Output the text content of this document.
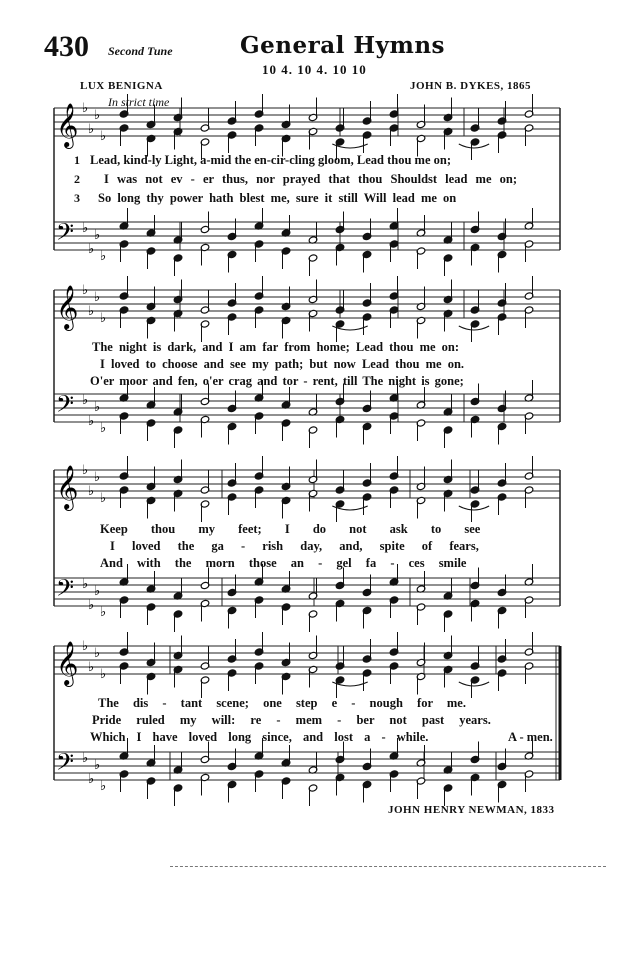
430 Second Tune	General Hymns
10 4. 10 4. 10 10
LUX BENIGNA	JOHN B. DYKES, 1865
In strict time
𝄞 ♭
♭
♭
♭
𝄢 ♭
♭
♭
♭
𝄞 ♭
♭
♭
♭
𝄢 ♭
♭
♭
♭
𝄞 ♭
♭
♭
♭
𝄢 ♭
♭
♭
♭
𝄞 ♭
♭
♭
♭
𝄢 ♭
♭
♭
♭
1
2
3
Lead, kind-ly Light, a-mid the en-cir-cling gloom, Lead thou me on;
I was not ev - er thus, nor prayed that thou Shouldst lead me on;
So long thy power hath blest me, sure it still Will lead me on
The night is dark, and I am far from home; Lead thou me on:
I loved to choose and see my path; but now Lead thou me on.
O'er moor and fen, o'er crag and tor - rent, till The night is gone;
Keep thou my feet; I do not ask to see
I loved the ga - rish day, and, spite of fears,
And with the morn those an - gel fa - ces smile
The dis - tant scene; one step e - nough for me.
Pride ruled my will: re - mem - ber not past years.
Which I have loved long since, and lost a - while.	A - men.
JOHN HENRY NEWMAN, 1833
